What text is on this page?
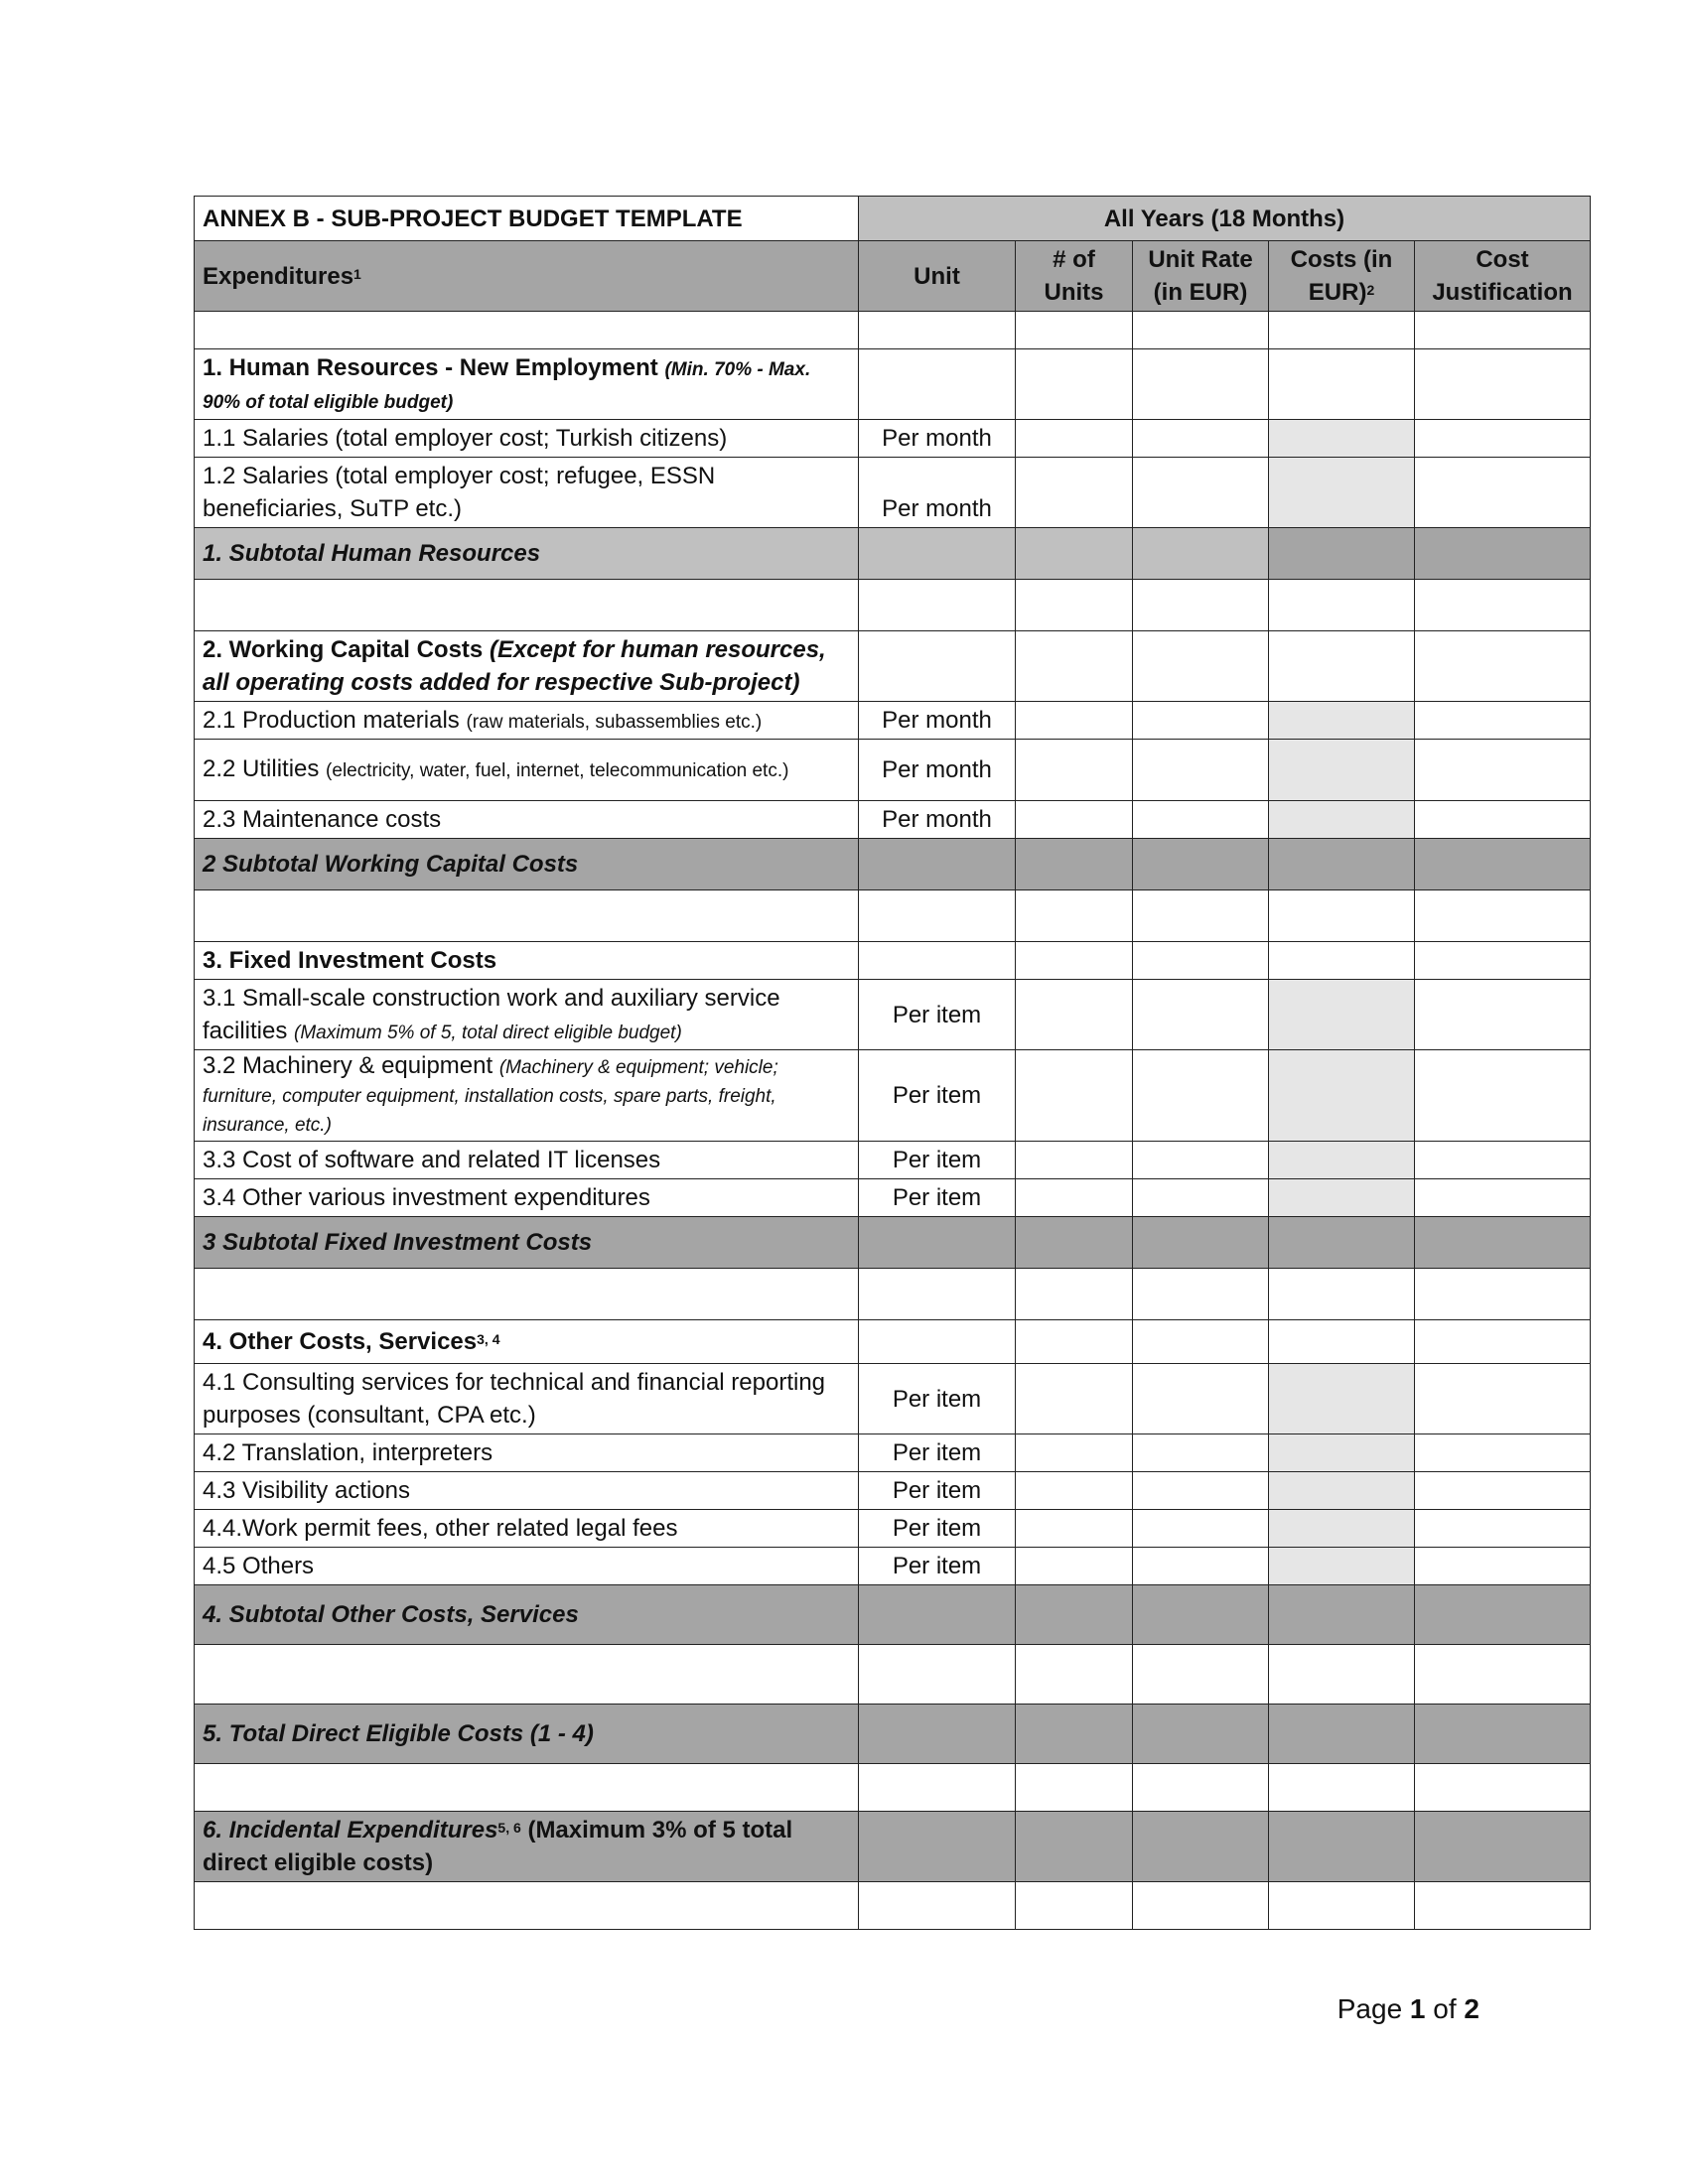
ANNEX B - SUB-PROJECT BUDGET TEMPLATE	All Years (18 Months)				
Expenditures$^1$	Unit	# of Units	Unit Rate (in EUR)	Costs (in EUR)$^2$	Cost Justification

1. Human Resources - New Employment (Min. 70% - Max. 90% of total eligible budget)					
1.1 Salaries (total employer cost; Turkish citizens)	Per month				
1.2 Salaries (total employer cost; refugee, ESSN beneficiaries, SuTP etc.)	Per month				
1. Subtotal Human Resources					

2. Working Capital Costs (Except for human resources, all operating costs added for respective Sub-project)					
2.1 Production materials (raw materials, subassemblies etc.)	Per month				
2.2 Utilities (electricity, water, fuel, internet, telecommunication etc.)	Per month				
2.3 Maintenance costs	Per month				
2 Subtotal Working Capital Costs					

3. Fixed Investment Costs					
3.1 Small-scale construction work and auxiliary service facilities (Maximum 5% of 5, total direct eligible budget)	Per item				
3.2 Machinery & equipment (Machinery & equipment; vehicle; furniture, computer equipment, installation costs, spare parts, freight, insurance, etc.)	Per item				
3.3 Cost of software and related IT licenses	Per item				
3.4 Other various investment expenditures	Per item				
3 Subtotal Fixed Investment Costs					

4. Other Costs, Services$^{3, 4}$					
4.1 Consulting services for technical and financial reporting purposes (consultant, CPA etc.)	Per item				
4.2 Translation, interpreters	Per item				
4.3 Visibility actions	Per item				
4.4.Work permit fees, other related legal fees	Per item				
4.5 Others	Per item				
4. Subtotal Other Costs, Services					

5. Total Direct Eligible Costs (1 - 4)					

6. Incidental Expenditures$^{5, 6}$ (Maximum 3% of 5 total direct eligible costs)					

Page 1 of 2
